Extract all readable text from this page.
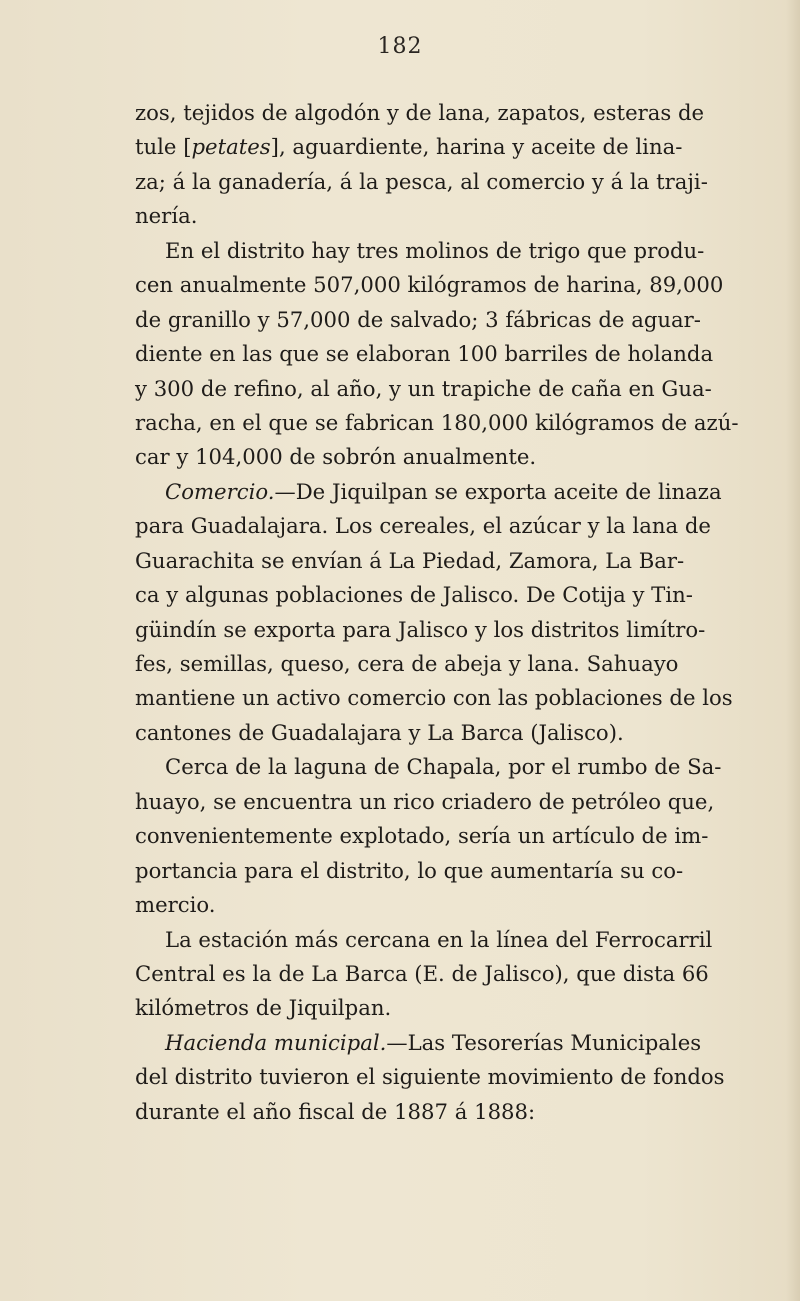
182
zos, tejidos de algodón y de lana, zapatos, esteras de
tule [petates], aguardiente, harina y aceite de lina-
za; á la ganadería, á la pesca, al comercio y á la traji-
nería.
En el distrito hay tres molinos de trigo que produ-
cen anualmente 507,000 kilógramos de harina, 89,000
de granillo y 57,000 de salvado; 3 fábricas de aguar-
diente en las que se elaboran 100 barriles de holanda
y 300 de refino, al año, y un trapiche de caña en Gua-
racha, en el que se fabrican 180,000 kilógramos de azú-
car y 104,000 de sobrón anualmente.
Comercio.—De Jiquilpan se exporta aceite de linaza
para Guadalajara. Los cereales, el azúcar y la lana de
Guarachita se envían á La Piedad, Zamora, La Bar-
ca y algunas poblaciones de Jalisco. De Cotija y Tin-
güindín se exporta para Jalisco y los distritos limítro-
fes, semillas, queso, cera de abeja y lana. Sahuayo
mantiene un activo comercio con las poblaciones de los
cantones de Guadalajara y La Barca (Jalisco).
Cerca de la laguna de Chapala, por el rumbo de Sa-
huayo, se encuentra un rico criadero de petróleo que,
convenientemente explotado, sería un artículo de im-
portancia para el distrito, lo que aumentaría su co-
mercio.
La estación más cercana en la línea del Ferrocarril
Central es la de La Barca (E. de Jalisco), que dista 66
kilómetros de Jiquilpan.
Hacienda municipal.—Las Tesorerías Municipales
del distrito tuvieron el siguiente movimiento de fondos
durante el año fiscal de 1887 á 1888:
